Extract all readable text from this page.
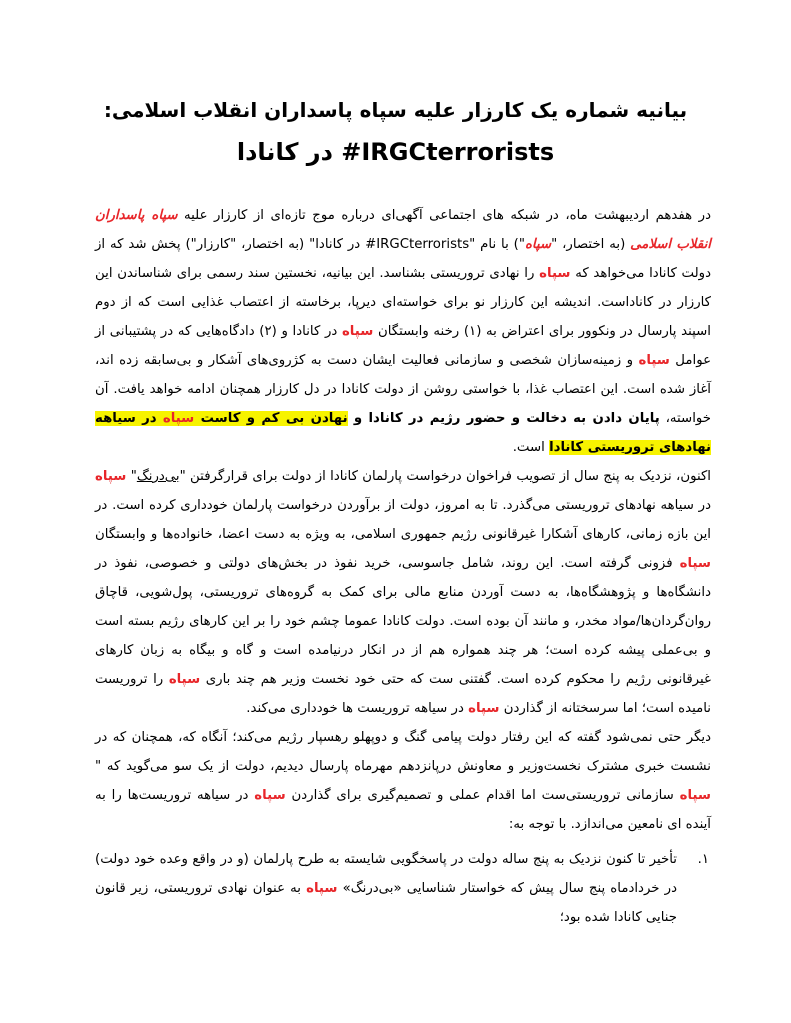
بیانیه شماره یک کارزار علیه سپاه پاسداران انقلاب اسلامی:
IRGCterrorists# در کانادا

در هفدهم اردیبهشت ماه، در شبکه های اجتماعی آگهی‌ای درباره موج تازه‌ای از کارزار علیه سپاه پاسداران انقلاب اسلامی (به اختصار، "سپاه") با نام "IRGCterrorists# در کانادا" (به اختصار، "کارزار") پخش شد که از دولت کانادا می‌خواهد که سپاه را نهادی تروریستی بشناسد. این بیانیه، نخستین سند رسمی برای شناساندن این کارزار در کاناداست. اندیشه این کارزار نو برای خواسته‌ای دیرپا، برخاسته از اعتصاب غذایی است که از دوم اسپند پارسال در ونکوور برای اعتراض به (۱) رخنه وابستگان سپاه در کانادا و (۲) دادگاه‌هایی که در پشتیبانی از عوامل سپاه و زمینه‌سازان شخصی و سازمانی فعالیت ایشان دست به کژروی‌های آشکار و بی‌سابقه زده اند، آغاز شده است. این اعتصاب غذا، با خواستی روشن از دولت کانادا در دل کارزار همچنان ادامه خواهد یافت. آن خواسته، پایان دادن به دخالت و حضور رژیم در کانادا و نهادن بی کم و کاست سپاه در سیاهه نهادهای تروریستی کانادا است.

اکنون، نزدیک به پنج سال از تصویب فراخوان درخواست پارلمان کانادا از دولت برای قرارگرفتن "بی‌درنگ" سپاه در سیاهه نهادهای تروریستی می‌گذرد. تا به امروز، دولت از برآوردن درخواست پارلمان خودداری کرده است. در این بازه زمانی، کارهای آشکارا غیرقانونی رژیم جمهوری اسلامی، به ویژه به دست اعضا، خانواده‌ها و وابستگان سپاه فزونی گرفته است. این روند، شامل جاسوسی، خرید نفوذ در بخش‌های دولتی و خصوصی، نفوذ در دانشگاه‌ها و پژوهشگاه‌ها، به دست آوردن منابع مالی برای کمک به گروه‌های تروریستی، پول‌شویی، قاچاق روان‌گردان‌ها/مواد مخدر، و مانند آن بوده است. دولت کانادا عموما چشم خود را بر این کارهای رژیم بسته است و بی‌عملی پیشه کرده است؛ هر چند همواره هم از در انکار درنیامده است و گاه و بیگاه به زبان کارهای غیرقانونی رژیم را محکوم کرده است. گفتنی ست که حتی خود نخست وزیر هم چند باری سپاه را تروریست نامیده است؛ اما سرسختانه از گذاردن سپاه در سیاهه تروریست ها خودداری می‌کند.

دیگر حتی نمی‌شود گفته که این رفتار دولت پیامی گنگ و دوپهلو رهسپار رژیم می‌کند؛ آنگاه که، همچنان که در نشست خبری مشترک نخست‌وزیر و معاونش درپانزدهم مهرماه پارسال دیدیم، دولت از یک سو می‌گوید که " سپاه سازمانی تروریستی‌ست اما اقدام عملی و تصمیم‌گیری برای گذاردن سپاه در سیاهه تروریست‌ها را به آینده ای نامعین می‌اندازد. با توجه به:

۱.
تأخیر تا کنون نزدیک به پنج ساله دولت در پاسخگویی شایسته به طرح پارلمان (و در واقع وعده خود دولت) در خردادماه پنج سال پیش که خواستار شناسایی «بی‌درنگ» سپاه به عنوان نهادی تروریستی، زیر قانون جنایی کانادا شده بود؛
